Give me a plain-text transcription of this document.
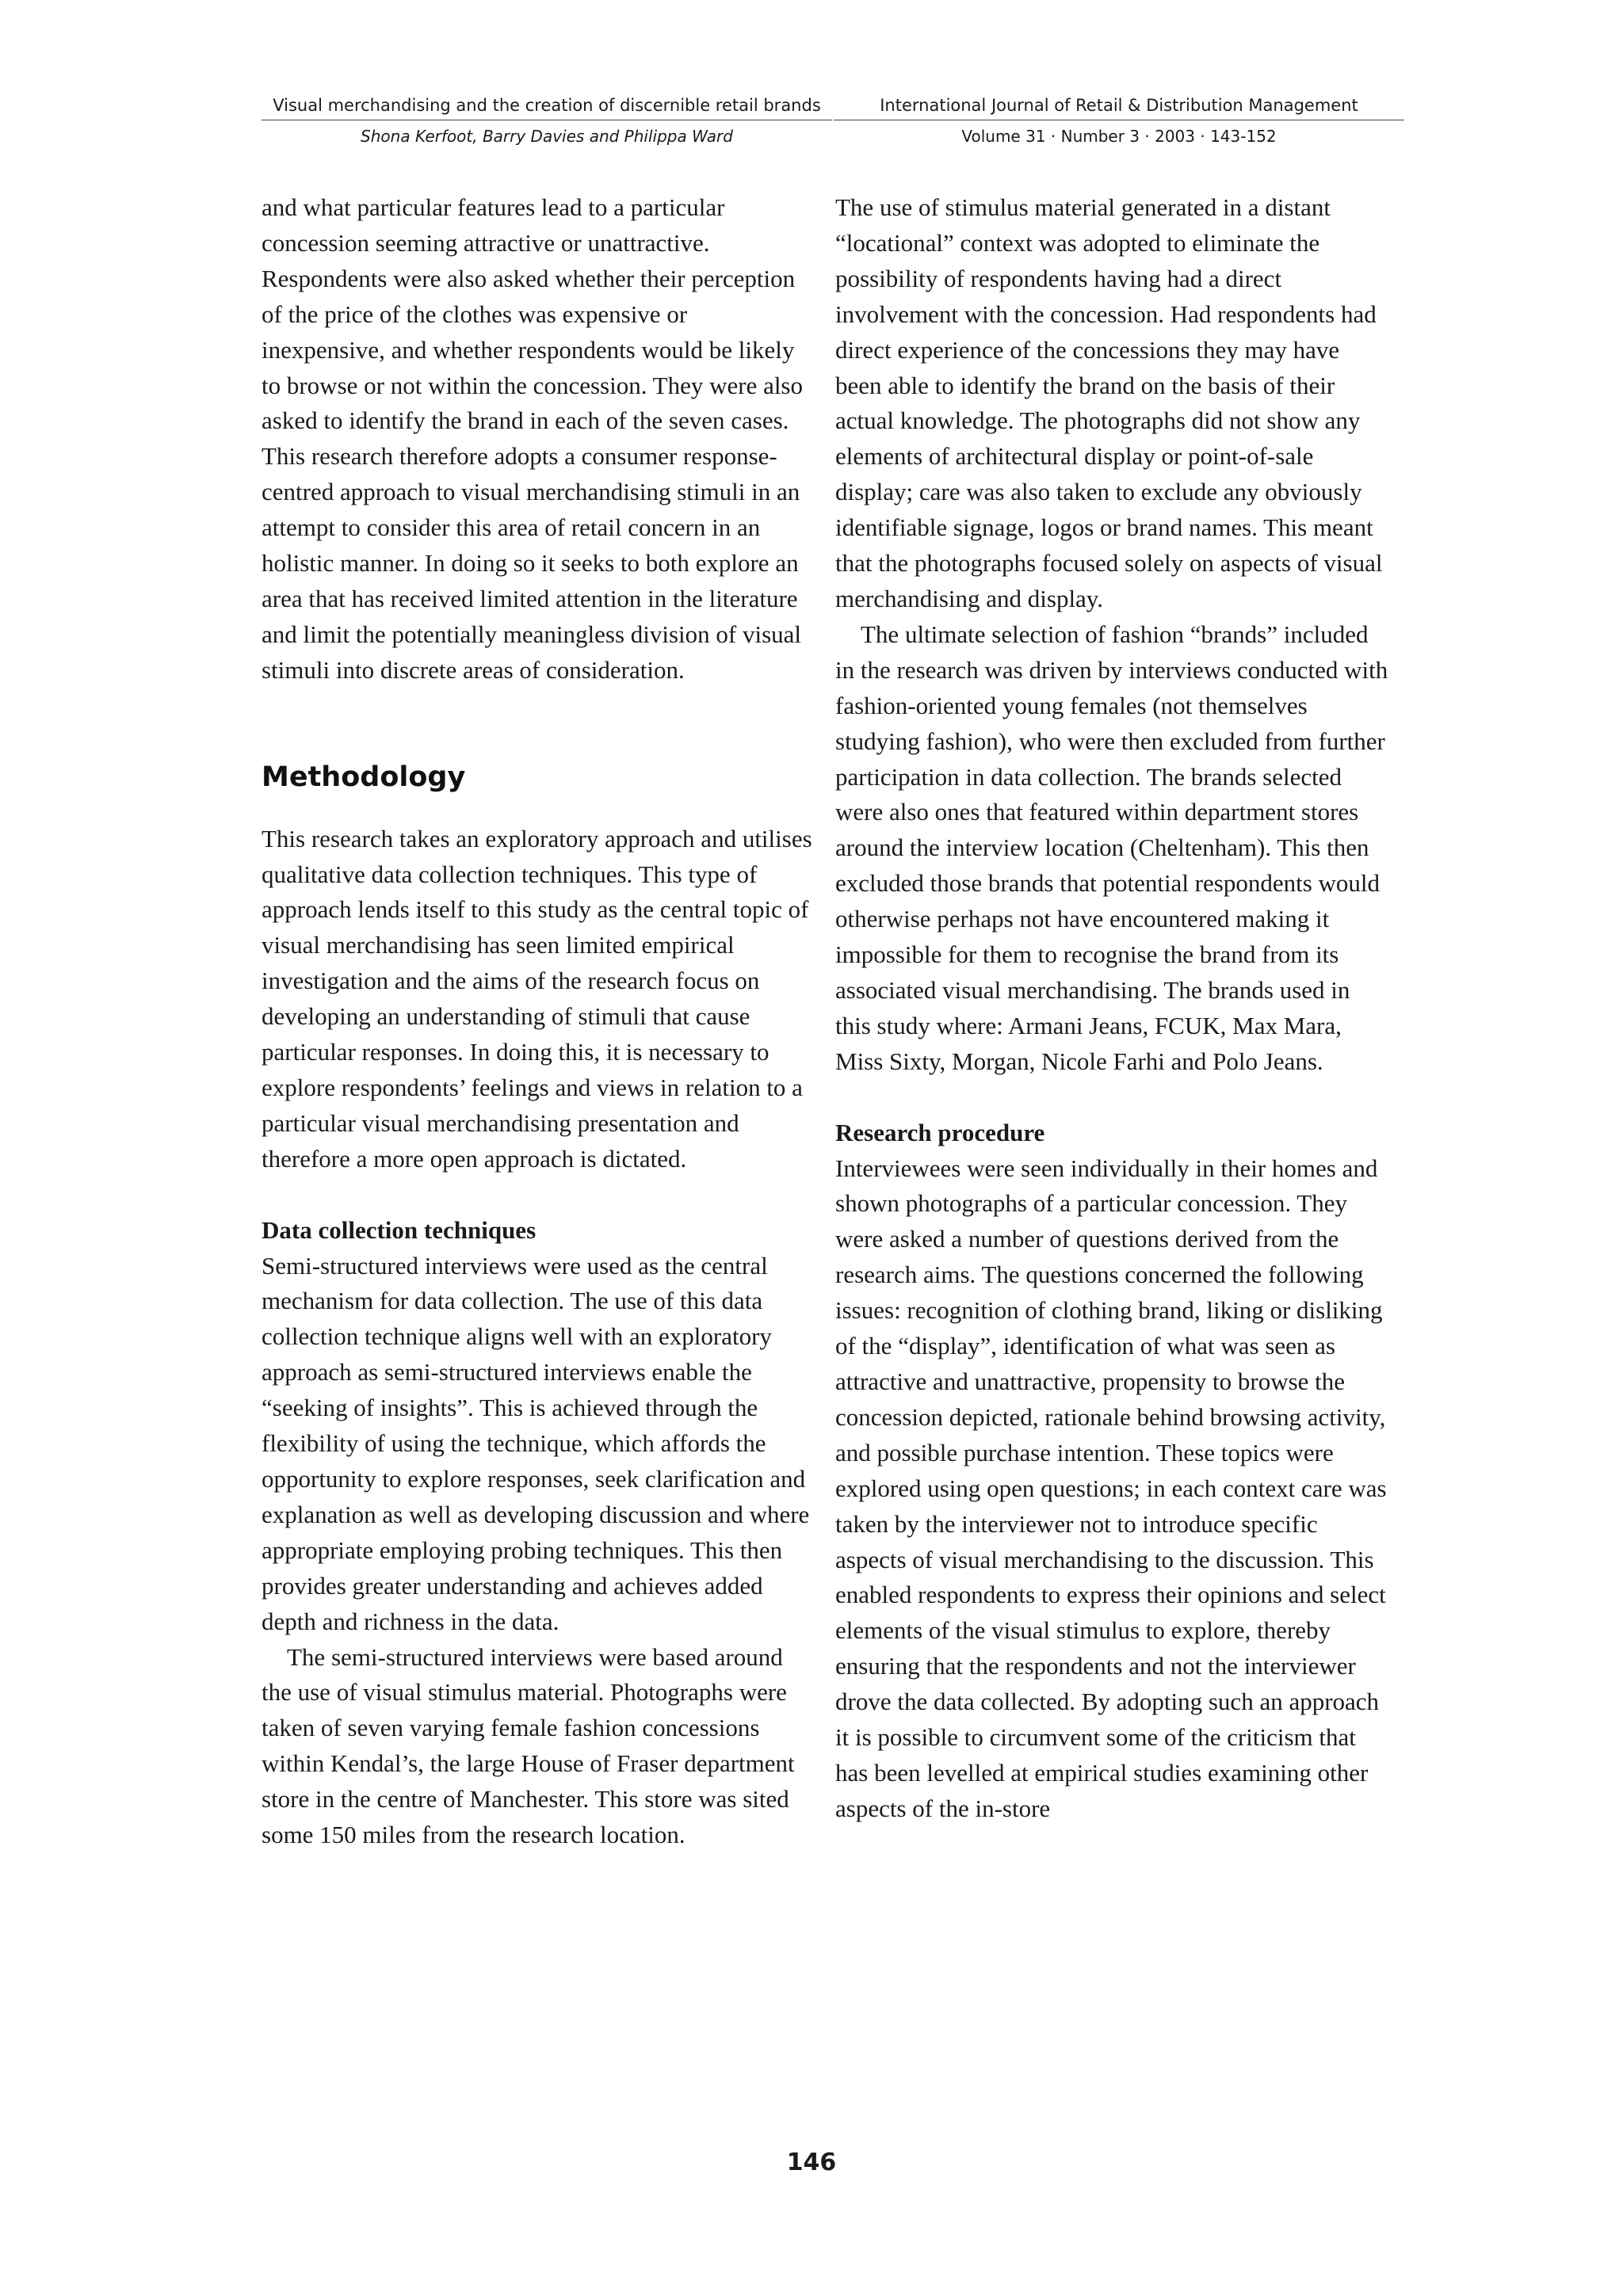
Visual merchandising and the creation of discernible retail brands
Shona Kerfoot, Barry Davies and Philippa Ward
International Journal of Retail & Distribution Management
Volume 31 · Number 3 · 2003 · 143-152

and what particular features lead to a particular concession seeming attractive or unattractive. Respondents were also asked whether their perception of the price of the clothes was expensive or inexpensive, and whether respondents would be likely to browse or not within the concession. They were also asked to identify the brand in each of the seven cases. This research therefore adopts a consumer response-centred approach to visual merchandising stimuli in an attempt to consider this area of retail concern in an holistic manner. In doing so it seeks to both explore an area that has received limited attention in the literature and limit the potentially meaningless division of visual stimuli into discrete areas of consideration.

Methodology

This research takes an exploratory approach and utilises qualitative data collection techniques. This type of approach lends itself to this study as the central topic of visual merchandising has seen limited empirical investigation and the aims of the research focus on developing an understanding of stimuli that cause particular responses. In doing this, it is necessary to explore respondents’ feelings and views in relation to a particular visual merchandising presentation and therefore a more open approach is dictated.

Data collection techniques

Semi-structured interviews were used as the central mechanism for data collection. The use of this data collection technique aligns well with an exploratory approach as semi-structured interviews enable the “seeking of insights”. This is achieved through the flexibility of using the technique, which affords the opportunity to explore responses, seek clarification and explanation as well as developing discussion and where appropriate employing probing techniques. This then provides greater understanding and achieves added depth and richness in the data.

The semi-structured interviews were based around the use of visual stimulus material. Photographs were taken of seven varying female fashion concessions within Kendal’s, the large House of Fraser department store in the centre of Manchester. This store was sited some 150 miles from the research location.

The use of stimulus material generated in a distant “locational” context was adopted to eliminate the possibility of respondents having had a direct involvement with the concession. Had respondents had direct experience of the concessions they may have been able to identify the brand on the basis of their actual knowledge. The photographs did not show any elements of architectural display or point-of-sale display; care was also taken to exclude any obviously identifiable signage, logos or brand names. This meant that the photographs focused solely on aspects of visual merchandising and display.

The ultimate selection of fashion “brands” included in the research was driven by interviews conducted with fashion-oriented young females (not themselves studying fashion), who were then excluded from further participation in data collection. The brands selected were also ones that featured within department stores around the interview location (Cheltenham). This then excluded those brands that potential respondents would otherwise perhaps not have encountered making it impossible for them to recognise the brand from its associated visual merchandising. The brands used in this study where: Armani Jeans, FCUK, Max Mara, Miss Sixty, Morgan, Nicole Farhi and Polo Jeans.

Research procedure

Interviewees were seen individually in their homes and shown photographs of a particular concession. They were asked a number of questions derived from the research aims. The questions concerned the following issues: recognition of clothing brand, liking or disliking of the “display”, identification of what was seen as attractive and unattractive, propensity to browse the concession depicted, rationale behind browsing activity, and possible purchase intention. These topics were explored using open questions; in each context care was taken by the interviewer not to introduce specific aspects of visual merchandising to the discussion. This enabled respondents to express their opinions and select elements of the visual stimulus to explore, thereby ensuring that the respondents and not the interviewer drove the data collected. By adopting such an approach it is possible to circumvent some of the criticism that has been levelled at empirical studies examining other aspects of the in-store

146
